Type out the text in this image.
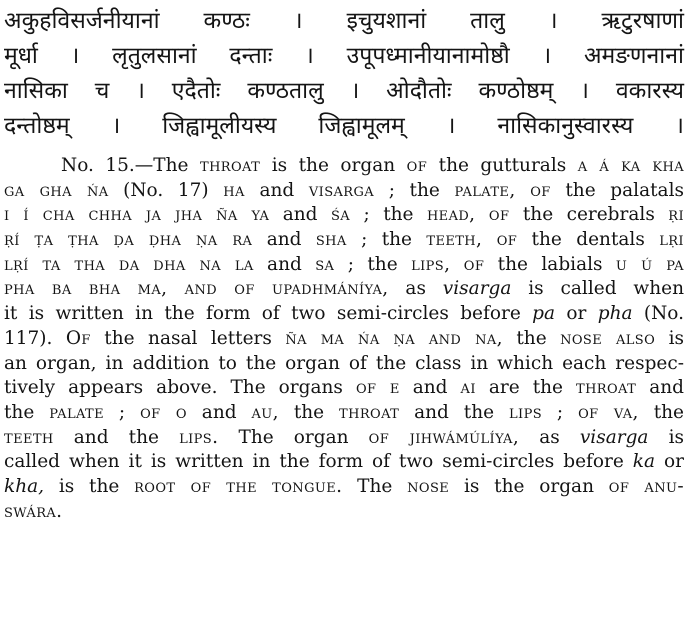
अकुहविसर्जनीयानां कण्ठः । इचुयशानां तालु । ऋटुरषाणां

मूर्धा । लृतुलसानां दन्ताः । उपूपध्मानीयानामोष्ठौ । अमङणनानां

नासिका च । एदैतोः कण्ठतालु । ओदौतोः कण्ठोष्ठम् । वकारस्य

दन्तोष्ठम् । जिह्वामूलीयस्य जिह्वामूलम् । नासिकानुस्वारस्य ।

No. 15.—The throat is the organ of the gutturals a á ka kha

ga gha ńa (No. 17) ha and visarga ; the palate, of the palatals

i í cha chha ja jha ña ya and śa ; the head, of the cerebrals ṛi

ṛí ṭa ṭha ḍa ḍha ṇa ra and sha ; the teeth, of the dentals lṛi

lṛí ta tha da dha na la and sa ; the lips, of the labials u ú pa

pha ba bha ma, and of upadhmáníya, as visarga is called when

it is written in the form of two semi-circles before pa or pha (No.

117). Of the nasal letters ña ma ńa ṇa and na, the nose also is

an organ, in addition to the organ of the class in which each respec-

tively appears above. The organs of e and ai are the throat and

the palate ; of o and au, the throat and the lips ; of va, the

teeth and the lips. The organ of jihwámúlíya, as visarga is

called when it is written in the form of two semi-circles before ka or

kha, is the root of the tongue. The nose is the organ of anu-

swára.
